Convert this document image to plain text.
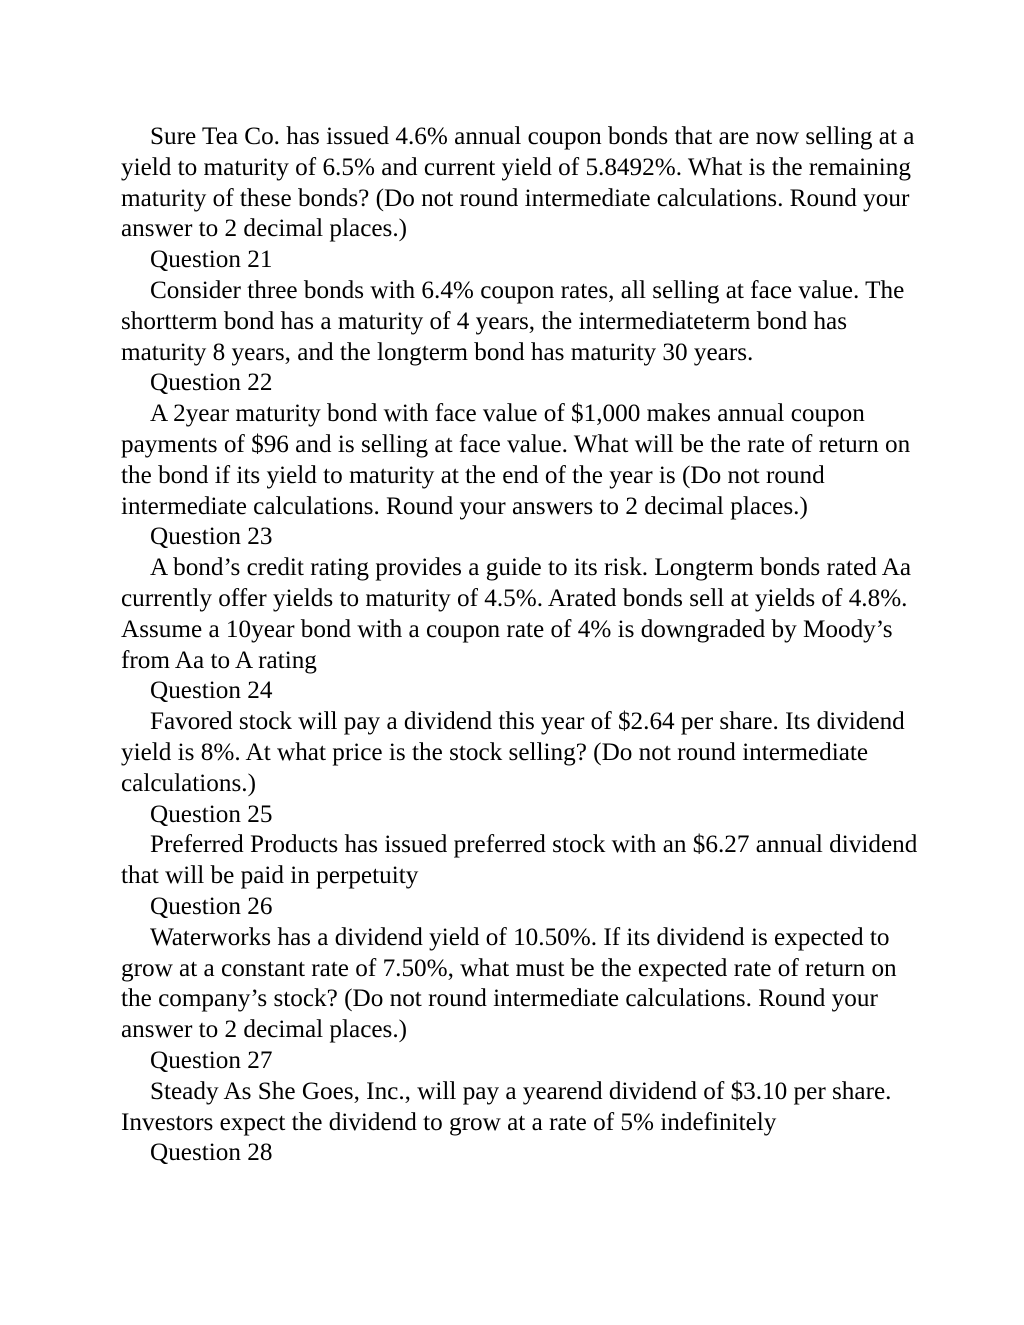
Sure Tea Co. has issued 4.6% annual coupon bonds that are now selling at a yield to maturity of 6.5% and current yield of 5.8492%. What is the remaining maturity of these bonds? (Do not round intermediate calculations. Round your answer to 2 decimal places.)

Question 21

Consider three bonds with 6.4% coupon rates, all selling at face value. The shortterm bond has a maturity of 4 years, the intermediateterm bond has maturity 8 years, and the longterm bond has maturity 30 years.

Question 22

A 2year maturity bond with face value of $1,000 makes annual coupon payments of $96 and is selling at face value. What will be the rate of return on the bond if its yield to maturity at the end of the year is (Do not round intermediate calculations. Round your answers to 2 decimal places.)

Question 23

A bond’s credit rating provides a guide to its risk. Longterm bonds rated Aa currently offer yields to maturity of 4.5%. Arated bonds sell at yields of 4.8%. Assume a 10year bond with a coupon rate of 4% is downgraded by Moody’s from Aa to A rating

Question 24

Favored stock will pay a dividend this year of $2.64 per share. Its dividend yield is 8%. At what price is the stock selling? (Do not round intermediate calculations.)

Question 25

Preferred Products has issued preferred stock with an $6.27 annual dividend that will be paid in perpetuity

Question 26

Waterworks has a dividend yield of 10.50%. If its dividend is expected to grow at a constant rate of 7.50%, what must be the expected rate of return on the company’s stock? (Do not round intermediate calculations. Round your answer to 2 decimal places.)

Question 27

Steady As She Goes, Inc., will pay a yearend dividend of $3.10 per share. Investors expect the dividend to grow at a rate of 5% indefinitely

Question 28
